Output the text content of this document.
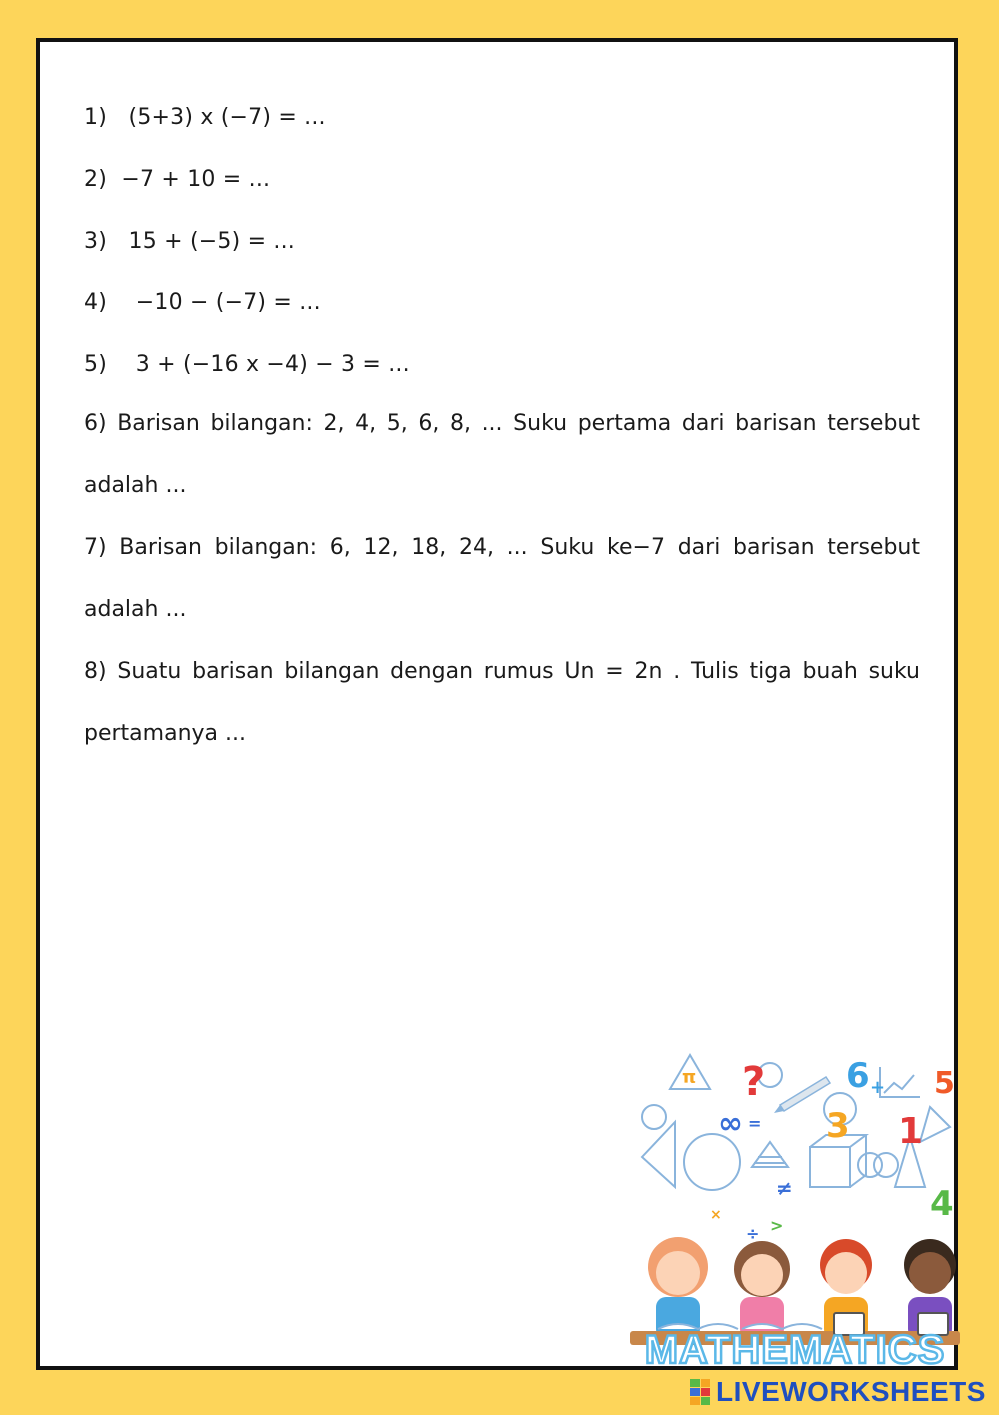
1)   (5+3) x (−7) = ...
2)  −7 + 10 = ...
3)   15 + (−5) = ...
4)    −10 − (−7) = ...
5)    3 + (−16 x −4) − 3 = ...
6) Barisan bilangan: 2, 4, 5, 6, 8, ... Suku pertama dari barisan tersebut adalah ...
7) Barisan bilangan: 6, 12, 18, 24, ... Suku ke−7 dari barisan tersebut adalah ...
8) Suatu barisan bilangan dengan rumus Un = 2n . Tulis tiga buah suku pertamanya ...
π ? 6 + 5
∞ = 3 1
≠	4
÷ >
×
MATHEMATICS
LIVEWORKSHEETS
